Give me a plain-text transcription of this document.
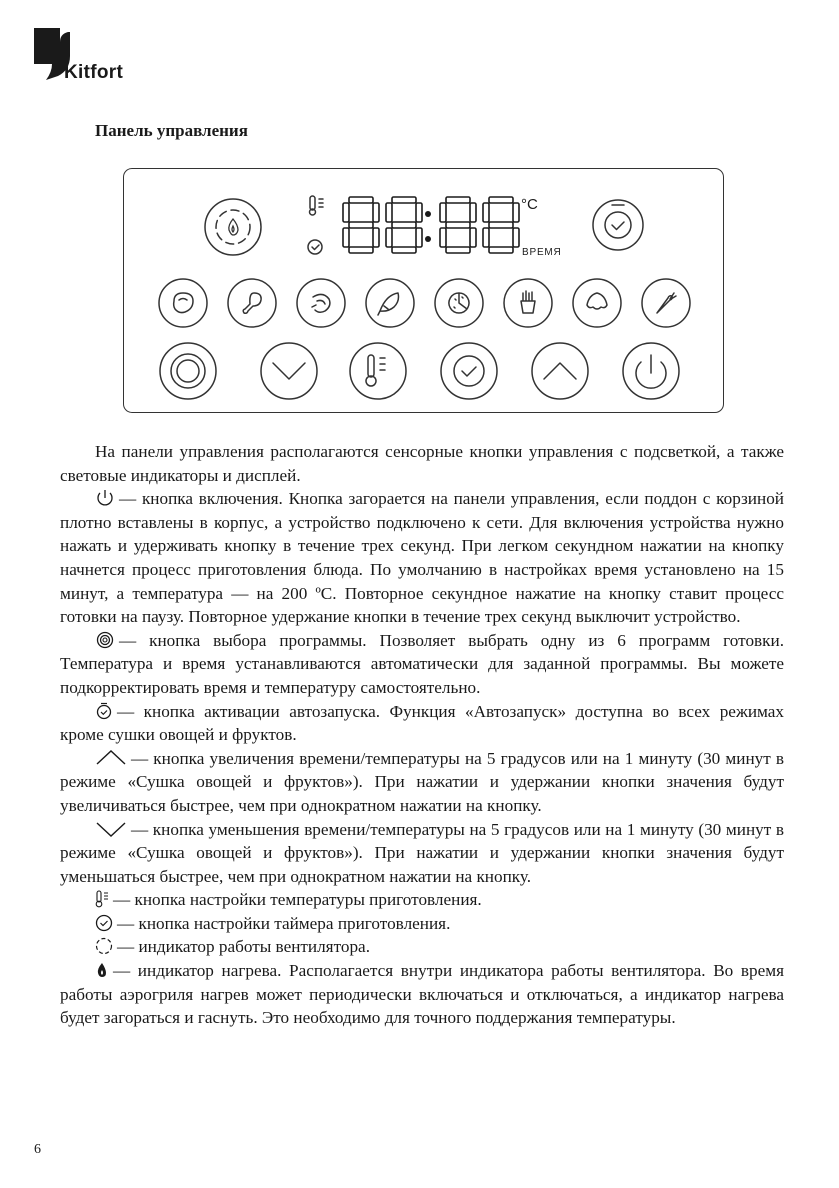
Kitfort
Панель управления
°C
ВРЕМЯ

На панели управления располагаются сенсорные кнопки управления с подсветкой, а также световые индикаторы и дисплей.

— кнопка включения. Кнопка загорается на панели управления, если поддон с корзиной плотно вставлены в корпус, а устройство подключено к сети. Для включения устройства нужно нажать и удерживать кнопку в течение трех секунд. При легком секундном нажатии на кнопку начнется процесс приготовления блюда. По умолчанию в настройках время установлено на 15 минут, а температура — на 200 ºC. Повторное секундное нажатие на кнопку ставит процесс готовки на паузу. Повторное удержание кнопки в течение трех секунд выключит устройство.

— кнопка выбора программы. Позволяет выбрать одну из 6 программ готовки. Температура и время устанавливаются автоматически для заданной программы. Вы можете подкорректировать время и температуру самостоятельно.

— кнопка активации автозапуска. Функция «Автозапуск» доступна во всех режимах кроме сушки овощей и фруктов.

— кнопка увеличения времени/температуры на 5 градусов или на 1 минуту (30 минут в режиме «Сушка овощей и фруктов»). При нажатии и удержании кнопки значения будут увеличиваться быстрее, чем при однократном нажатии на кнопку.

— кнопка уменьшения времени/температуры на 5 градусов или на 1 минуту (30 минут в режиме «Сушка овощей и фруктов»). При нажатии и удержании кнопки значения будут уменьшаться быстрее, чем при однократном нажатии на кнопку.

— кнопка настройки температуры приготовления.

— кнопка настройки таймера приготовления.

— индикатор работы вентилятора.

— индикатор нагрева. Располагается внутри индикатора работы вентилятора. Во время работы аэрогриля нагрев может периодически включаться и отключаться, а индикатор нагрева будет загораться и гаснуть. Это необходимо для точного поддержания температуры.

6
